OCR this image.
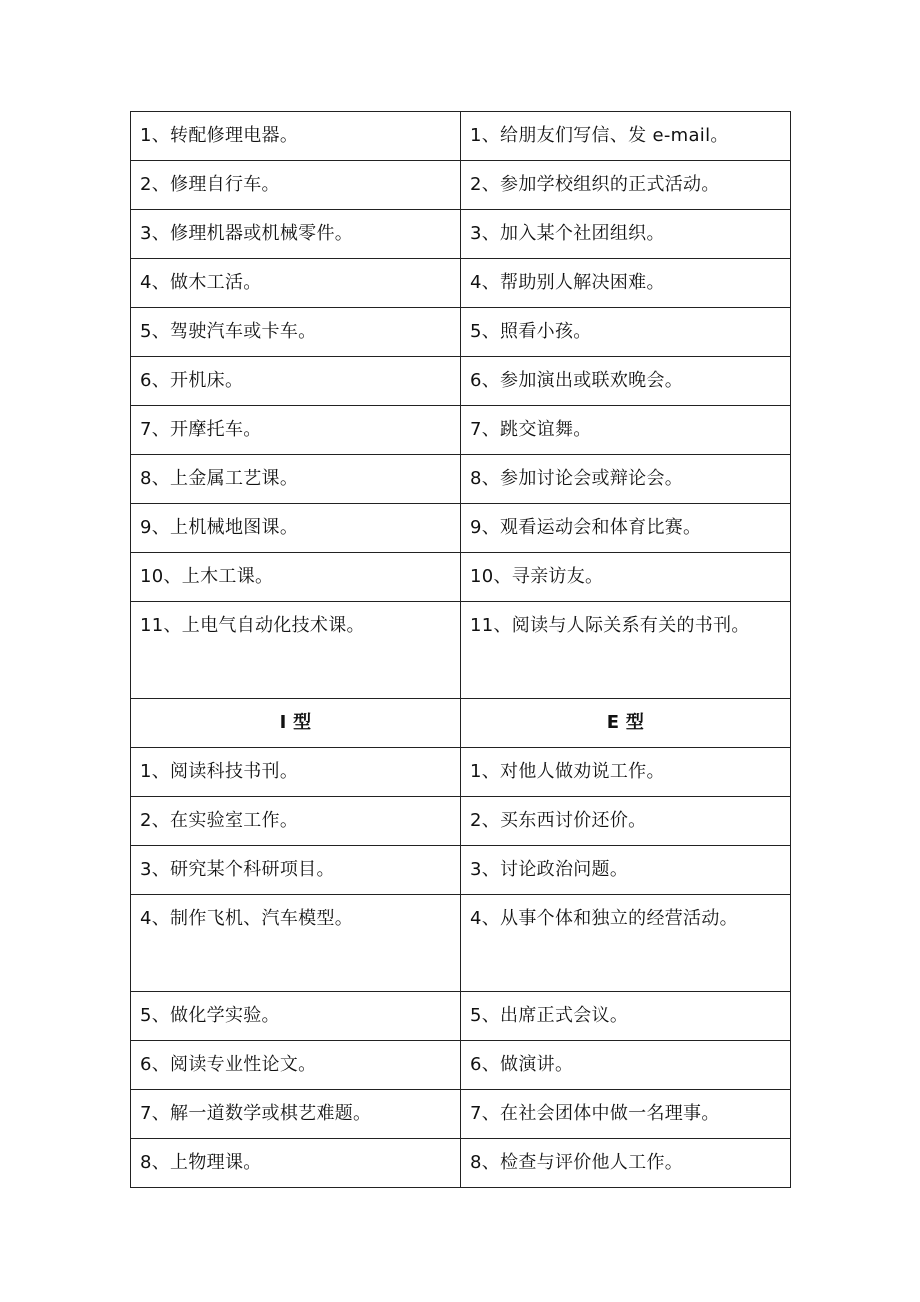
1、转配修理电器。	1、给朋友们写信、发 e-mail。
2、修理自行车。	2、参加学校组织的正式活动。
3、修理机器或机械零件。	3、加入某个社团组织。
4、做木工活。	4、帮助别人解决困难。
5、驾驶汽车或卡车。	5、照看小孩。
6、开机床。	6、参加演出或联欢晚会。
7、开摩托车。	7、跳交谊舞。
8、上金属工艺课。	8、参加讨论会或辩论会。
9、上机械地图课。	9、观看运动会和体育比赛。
10、上木工课。	10、寻亲访友。
11、上电气自动化技术课。	11、阅读与人际关系有关的书刊。
I 型	E 型
1、阅读科技书刊。	1、对他人做劝说工作。
2、在实验室工作。	2、买东西讨价还价。
3、研究某个科研项目。	3、讨论政治问题。
4、制作飞机、汽车模型。	4、从事个体和独立的经营活动。
5、做化学实验。	5、出席正式会议。
6、阅读专业性论文。	6、做演讲。
7、解一道数学或棋艺难题。	7、在社会团体中做一名理事。
8、上物理课。	8、检查与评价他人工作。
